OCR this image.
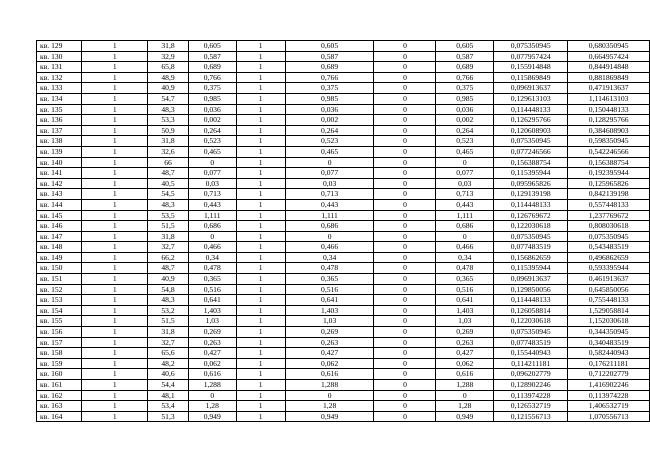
кв. 129	1	31,8	0,605	1	0,605	0	0,605	0,075350945	0,680350945
кв. 130	1	32,9	0,587	1	0,587	0	0,587	0,077957424	0,664957424
кв. 131	1	65,8	0,689	1	0,689	0	0,689	0,155914848	0,844914848
кв. 132	1	48,9	0,766	1	0,766	0	0,766	0,115869849	0,881869849
кв. 133	1	40,9	0,375	1	0,375	0	0,375	0,096913637	0,471913637
кв. 134	1	54,7	0,985	1	0,985	0	0,985	0,129613103	1,114613103
кв. 135	1	48,3	0,036	1	0,036	0	0,036	0,114448133	0,150448133
кв. 136	1	53,3	0,002	1	0,002	0	0,002	0,126295766	0,128295766
кв. 137	1	50,9	0,264	1	0,264	0	0,264	0,120608903	0,384608903
кв. 138	1	31,8	0,523	1	0,523	0	0,523	0,075350945	0,598350945
кв. 139	1	32,6	0,465	1	0,465	0	0,465	0,077246566	0,542246566
кв. 140	1	66	0	1	0	0	0	0,156388754	0,156388754
кв. 141	1	48,7	0,077	1	0,077	0	0,077	0,115395944	0,192395944
кв. 142	1	40,5	0,03	1	0,03	0	0,03	0,095965826	0,125965826
кв. 143	1	54,5	0,713	1	0,713	0	0,713	0,129139198	0,842139198
кв. 144	1	48,3	0,443	1	0,443	0	0,443	0,114448133	0,557448133
кв. 145	1	53,5	1,111	1	1,111	0	1,111	0,126769672	1,237769672
кв. 146	1	51,5	0,686	1	0,686	0	0,686	0,122030618	0,808030618
кв. 147	1	31,8	0	1	0	0	0	0,075350945	0,075350945
кв. 148	1	32,7	0,466	1	0,466	0	0,466	0,077483519	0,543483519
кв. 149	1	66,2	0,34	1	0,34	0	0,34	0,156862659	0,496862659
кв. 150	1	48,7	0,478	1	0,478	0	0,478	0,115395944	0,593395944
кв. 151	1	40,9	0,365	1	0,365	0	0,365	0,096913637	0,461913637
кв. 152	1	54,8	0,516	1	0,516	0	0,516	0,129850056	0,645850056
кв. 153	1	48,3	0,641	1	0,641	0	0,641	0,114448133	0,755448133
кв. 154	1	53,2	1,403	1	1,403	0	1,403	0,126058814	1,529058814
кв. 155	1	51,5	1,03	1	1,03	0	1,03	0,122030618	1,152030618
кв. 156	1	31,8	0,269	1	0,269	0	0,269	0,075350945	0,344350945
кв. 157	1	32,7	0,263	1	0,263	0	0,263	0,077483519	0,340483519
кв. 158	1	65,6	0,427	1	0,427	0	0,427	0,155440943	0,582440943
кв. 159	1	48,2	0,062	1	0,062	0	0,062	0,114211181	0,176211181
кв. 160	1	40,6	0,616	1	0,616	0	0,616	0,096202779	0,712202779
кв. 161	1	54,4	1,288	1	1,288	0	1,288	0,128902246	1,416902246
кв. 162	1	48,1	0	1	0	0	0	0,113974228	0,113974228
кв. 163	1	53,4	1,28	1	1,28	0	1,28	0,126532719	1,406532719
кв. 164	1	51,3	0,949	1	0,949	0	0,949	0,121556713	1,070556713
